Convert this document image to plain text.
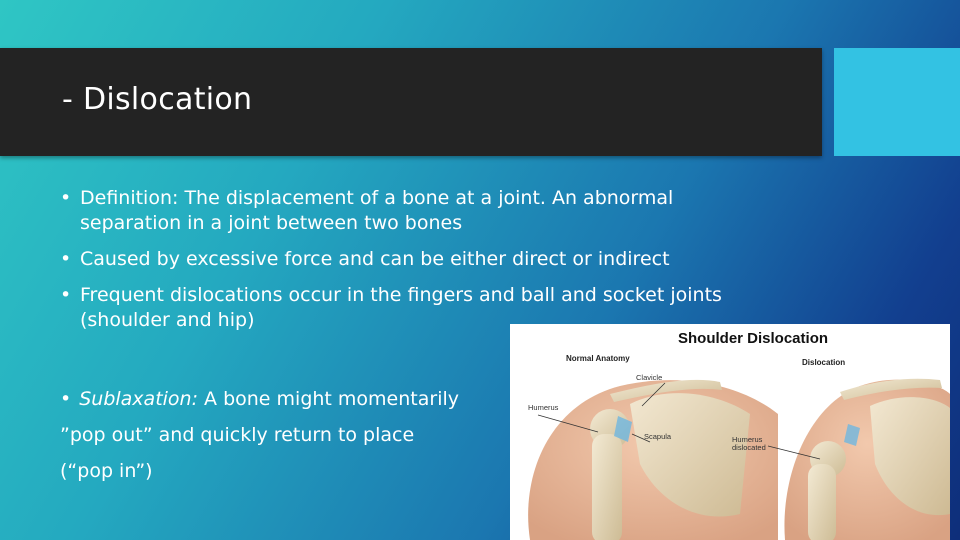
- Dislocation
• Definition: The displacement of a bone at a joint. An abnormal separation in a joint between two bones
• Caused by excessive force and can be either direct or indirect
• Frequent dislocations occur in the fingers and ball and socket joints (shoulder and hip)
• Sublaxation: A bone might momentarily
”pop out” and quickly return to place
(“pop in”)
Shoulder Dislocation
Normal Anatomy	Dislocation
Clavicle
Humerus
Scapula	Humerus
dislocated
